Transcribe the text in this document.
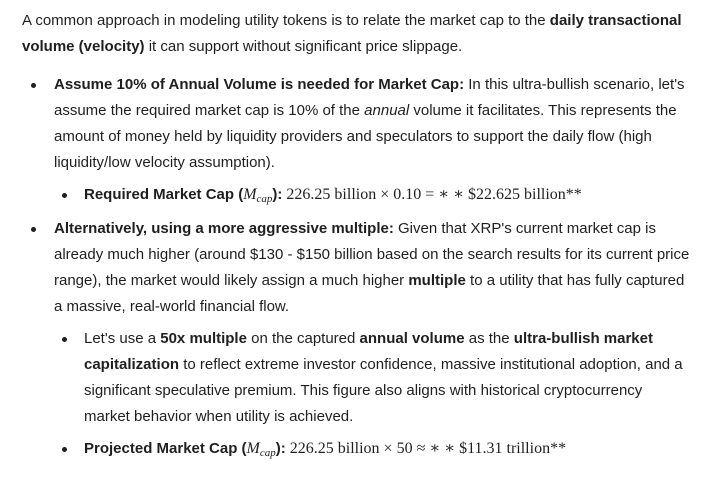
A common approach in modeling utility tokens is to relate the market cap to the daily transactional volume (velocity) it can support without significant price slippage.

Assume 10% of Annual Volume is needed for Market Cap: In this ultra-bullish scenario, let's assume the required market cap is 10% of the annual volume it facilitates. This represents the amount of money held by liquidity providers and speculators to support the daily flow (high liquidity/low velocity assumption).
Required Market Cap $(M_{cap})$: 226.25 billion × 0.10 = ∗ ∗ $22.625 billion**
Alternatively, using a more aggressive multiple: Given that XRP's current market cap is already much higher (around $130 - $150 billion based on the search results for its current price range), the market would likely assign a much higher multiple to a utility that has fully captured a massive, real-world financial flow.
Let's use a 50x multiple on the captured annual volume as the ultra-bullish market capitalization to reflect extreme investor confidence, massive institutional adoption, and a significant speculative premium. This figure also aligns with historical cryptocurrency market behavior when utility is achieved.
Projected Market Cap $(M_{cap})$: 226.25 billion × 50 ≈ ∗ ∗ $11.31 trillion**
